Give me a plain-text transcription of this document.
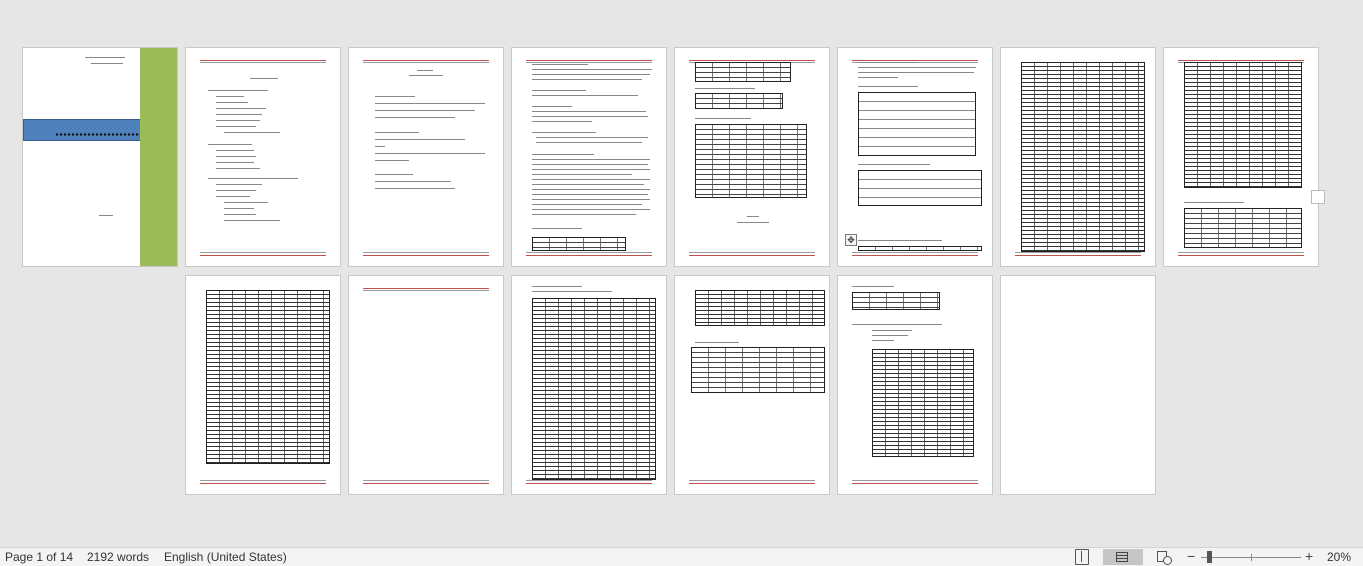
✥
Page 1 of 14 2192 words English (United States)	−	+ 20%
